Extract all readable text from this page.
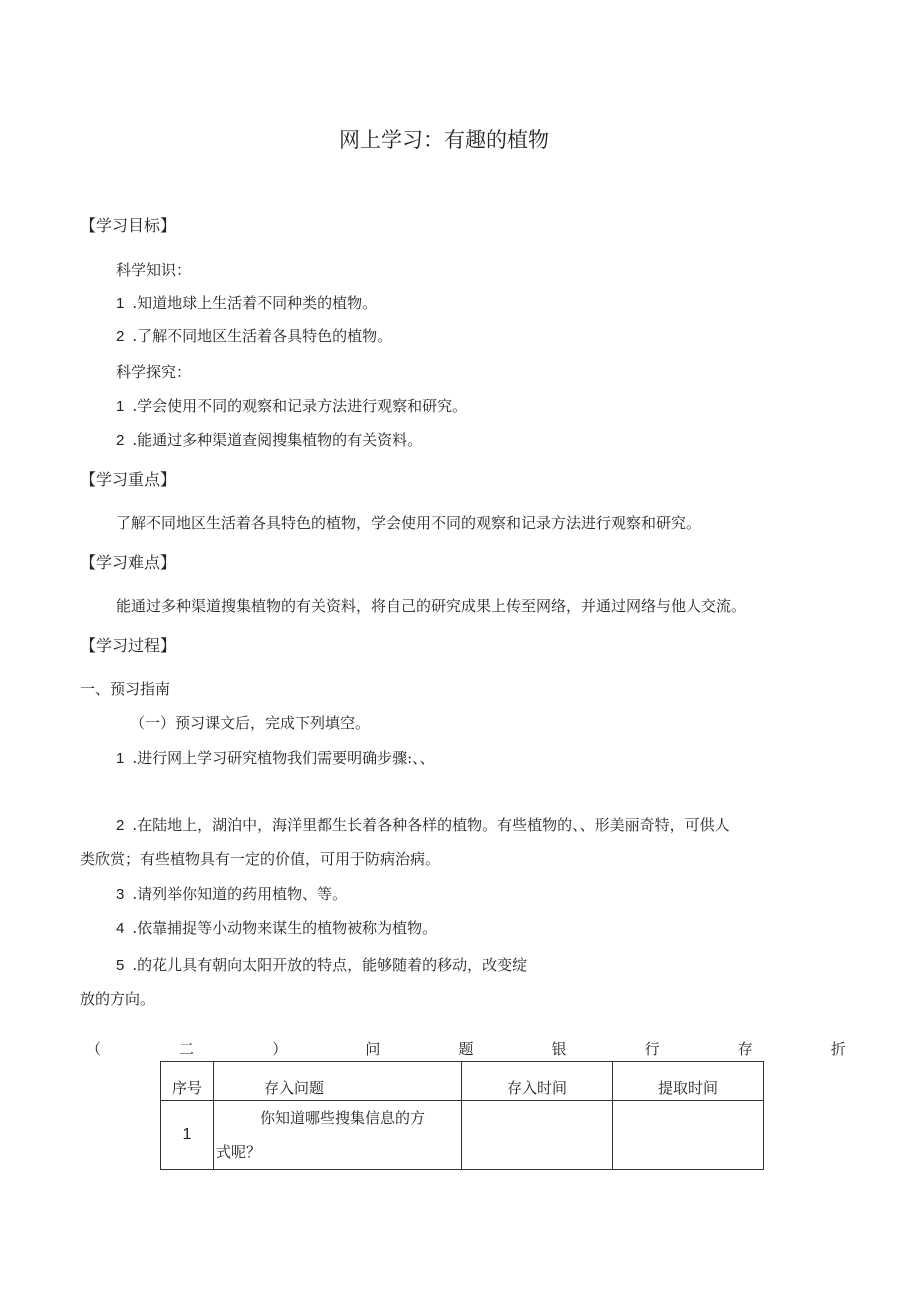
网上学习：有趣的植物
【学习目标】
科学知识：
1 .知道地球上生活着不同种类的植物。
2 .了解不同地区生活着各具特色的植物。
科学探究：
1 .学会使用不同的观察和记录方法进行观察和研究。
2 .能通过多种渠道查阅搜集植物的有关资料。
【学习重点】
了解不同地区生活着各具特色的植物，学会使用不同的观察和记录方法进行观察和研究。
【学习难点】
能通过多种渠道搜集植物的有关资料，将自己的研究成果上传至网络，并通过网络与他人交流。
【学习过程】
一、预习指南
（一）预习课文后，完成下列填空。
1 .进行网上学习研究植物我们需要明确步骤:、、
2 .在陆地上，湖泊中，海洋里都生长着各种各样的植物。有些植物的、、形美丽奇特，可供人
类欣赏；有些植物具有一定的价值，可用于防病治病。
3 .请列举你知道的药用植物、等。
4 .依靠捕捉等小动物来谋生的植物被称为植物。
5 .的花儿具有朝向太阳开放的特点，能够随着的移动，改变绽
放的方向。
（	二	）	问	题	银	行	存	折
序号	存入问题	存入时间	提取时间
1	你知道哪些搜集信息的方
式呢？		
